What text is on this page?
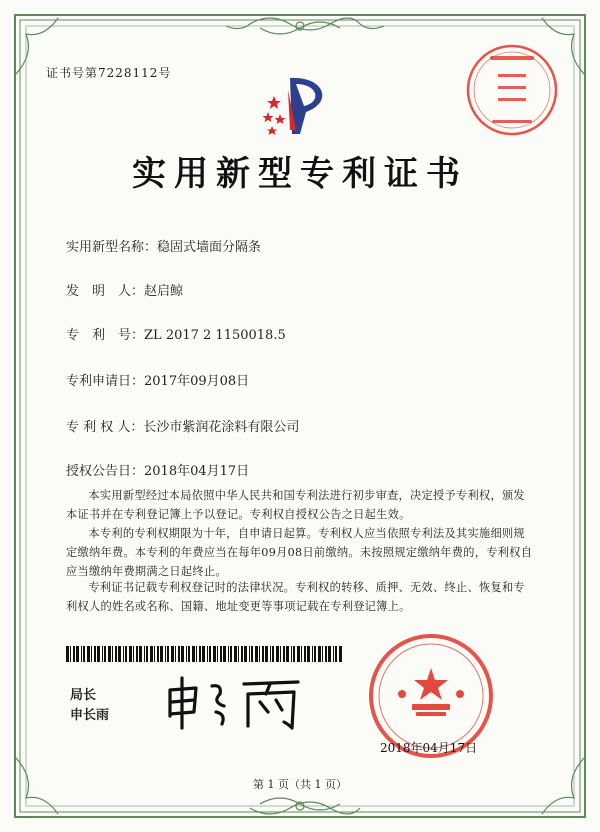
证书号第7228112号
实用新型专利证书
实用新型名称：稳固式墙面分隔条
发　明　人：赵启鲸
专　利　号：ZL 2017 2 1150018.5
专利申请日：2017年09月08日
专 利 权 人：长沙市紫润花涂料有限公司
授权公告日：2018年04月17日
本实用新型经过本局依照中华人民共和国专利法进行初步审查，决定授予专利权，颁发本证书并在专利登记簿上予以登记。专利权自授权公告之日起生效。
本专利的专利权期限为十年，自申请日起算。专利权人应当依照专利法及其实施细则规定缴纳年费。本专利的年费应当在每年09月08日前缴纳。未按照规定缴纳年费的，专利权自应当缴纳年费期满之日起终止。
专利证书记载专利权登记时的法律状况。专利权的转移、质押、无效、终止、恢复和专利权人的姓名或名称、国籍、地址变更等事项记载在专利登记簿上。
局长
申长雨
2018年04月17日
第 1 页（共 1 页）
